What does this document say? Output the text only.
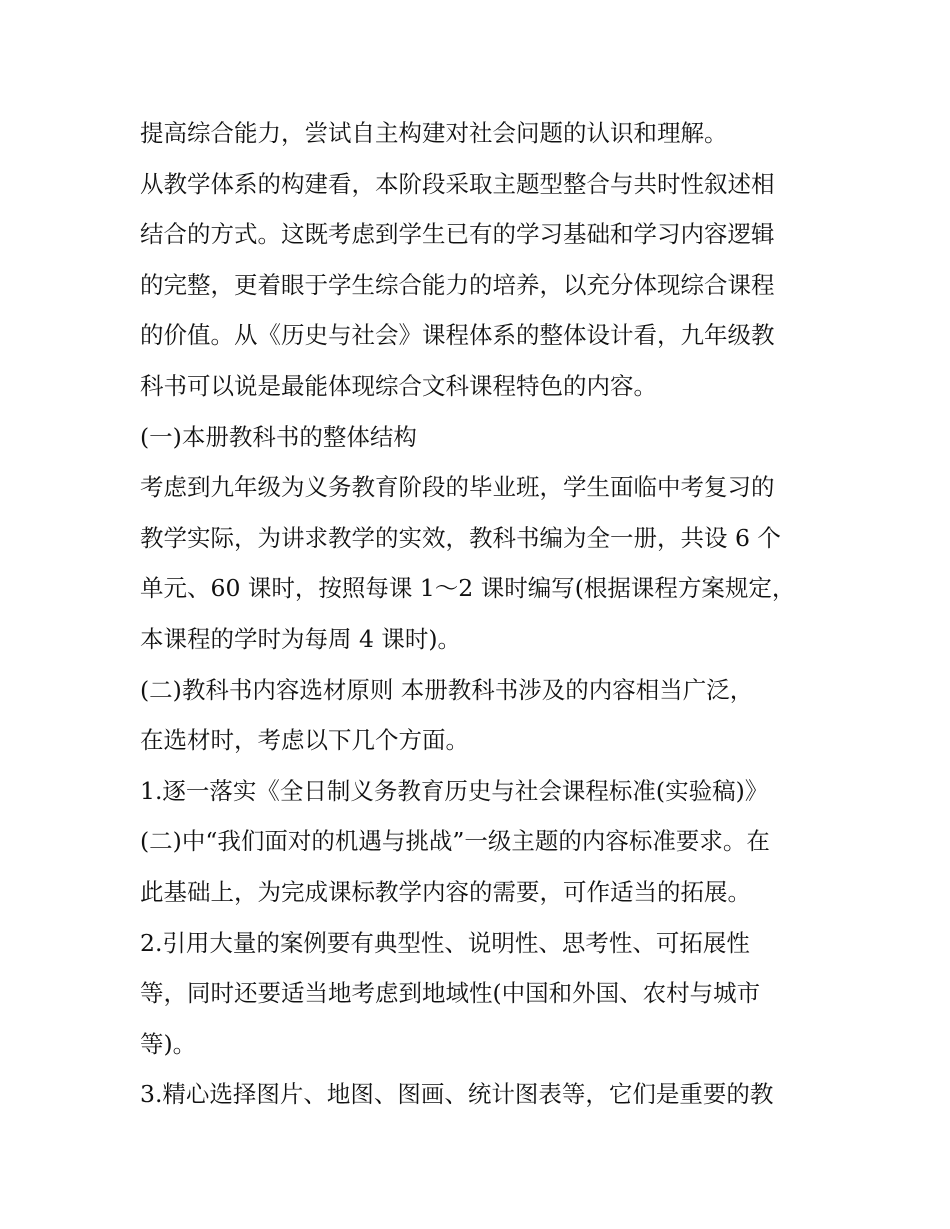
提高综合能力，尝试自主构建对社会问题的认识和理解。
从教学体系的构建看，本阶段采取主题型整合与共时性叙述相
结合的方式。这既考虑到学生已有的学习基础和学习内容逻辑
的完整，更着眼于学生综合能力的培养，以充分体现综合课程
的价值。从《历史与社会》课程体系的整体设计看，九年级教
科书可以说是最能体现综合文科课程特色的内容。
(一)本册教科书的整体结构
考虑到九年级为义务教育阶段的毕业班，学生面临中考复习的
教学实际，为讲求教学的实效，教科书编为全一册，共设 6 个
单元、60 课时，按照每课 1～2 课时编写(根据课程方案规定，
本课程的学时为每周 4 课时)。
(二)教科书内容选材原则 本册教科书涉及的内容相当广泛，
在选材时，考虑以下几个方面。
1.逐一落实《全日制义务教育历史与社会课程标准(实验稿)》
(二)中“我们面对的机遇与挑战”一级主题的内容标准要求。在
此基础上，为完成课标教学内容的需要，可作适当的拓展。
2.引用大量的案例要有典型性、说明性、思考性、可拓展性
等，同时还要适当地考虑到地域性(中国和外国、农村与城市
等)。
3.精心选择图片、地图、图画、统计图表等，它们是重要的教
